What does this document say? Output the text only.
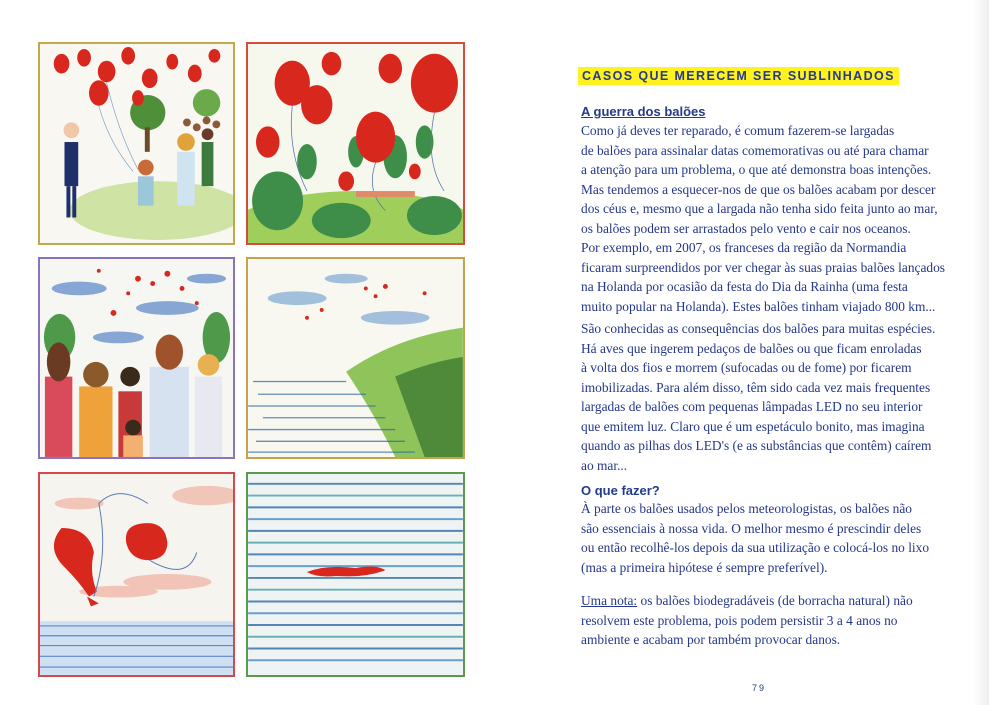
CASOS QUE MERECEM SER SUBLINHADOS
A guerra dos balões
Como já deves ter reparado, é comum fazerem-se largadas
de balões para assinalar datas comemorativas ou até para chamar
a atenção para um problema, o que até demonstra boas intenções.
Mas tendemos a esquecer-nos de que os balões acabam por descer
dos céus e, mesmo que a largada não tenha sido feita junto ao mar,
os balões podem ser arrastados pelo vento e cair nos oceanos.
Por exemplo, em 2007, os franceses da região da Normandia
ficaram surpreendidos por ver chegar às suas praias balões lançados
na Holanda por ocasião da festa do Dia da Rainha (uma festa
muito popular na Holanda). Estes balões tinham viajado 800 km...
São conhecidas as consequências dos balões para muitas espécies.
Há aves que ingerem pedaços de balões ou que ficam enroladas
à volta dos fios e morrem (sufocadas ou de fome) por ficarem
imobilizadas. Para além disso, têm sido cada vez mais frequentes
largadas de balões com pequenas lâmpadas LED no seu interior
que emitem luz. Claro que é um espetáculo bonito, mas imagina
quando as pilhas dos LED's (e as substâncias que contêm) caírem
ao mar...
O que fazer?
À parte os balões usados pelos meteorologistas, os balões não
são essenciais à nossa vida. O melhor mesmo é prescindir deles
ou então recolhê-los depois da sua utilização e colocá-los no lixo
(mas a primeira hipótese é sempre preferível).
Uma nota: os balões biodegradáveis (de borracha natural) não
resolvem este problema, pois podem persistir 3 a 4 anos no
ambiente e acabam por também provocar danos.
79
